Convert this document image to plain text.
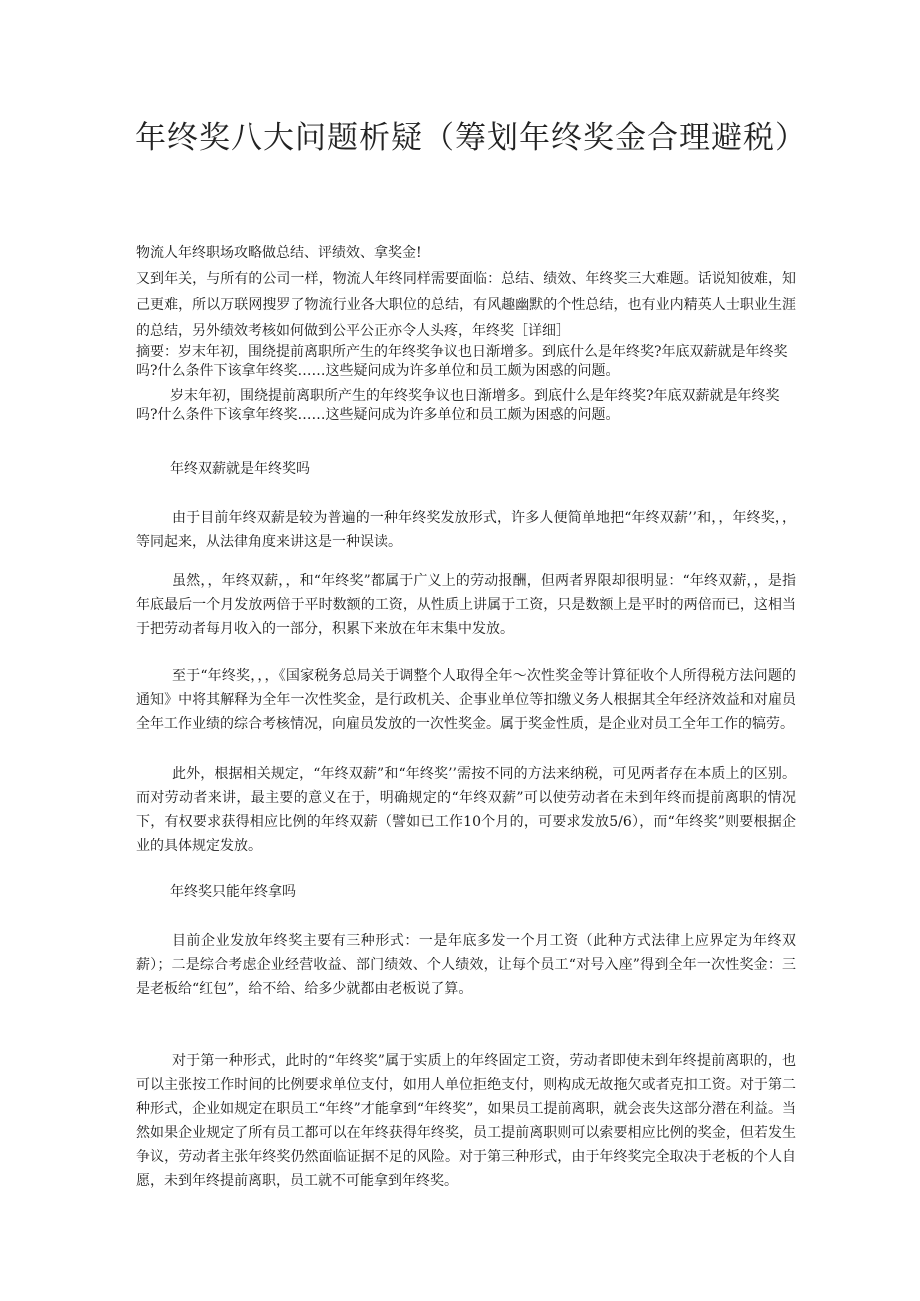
年终奖八大问题析疑（筹划年终奖金合理避税）

物流人年终职场攻略做总结、评绩效、拿奖金!

又到年关，与所有的公司一样，物流人年终同样需要面临：总结、绩效、年终奖三大难题。话说知彼难，知己更难，所以万联网搜罗了物流行业各大职位的总结，有风趣幽默的个性总结，也有业内精英人士职业生涯的总结，另外绩效考核如何做到公平公正亦令人头疼，年终奖［详细］

摘要：岁末年初，围绕提前离职所产生的年终奖争议也日渐增多。到底什么是年终奖?年底双薪就是年终奖吗?什么条件下该拿年终奖……这些疑问成为许多单位和员工颇为困惑的问题。

岁末年初，围绕提前离职所产生的年终奖争议也日渐增多。到底什么是年终奖?年底双薪就是年终奖吗?什么条件下该拿年终奖……这些疑问成为许多单位和员工颇为困惑的问题。

年终双薪就是年终奖吗

由于目前年终双薪是较为普遍的一种年终奖发放形式，许多人便简单地把“年终双薪’’和，，年终奖，，等同起来，从法律角度来讲这是一种误读。

虽然，，年终双薪，，和“年终奖”都属于广义上的劳动报酬，但两者界限却很明显：“年终双薪，，是指年底最后一个月发放两倍于平时数额的工资，从性质上讲属于工资，只是数额上是平时的两倍而已，这相当于把劳动者每月收入的一部分，积累下来放在年末集中发放。

至于“年终奖，，，《国家税务总局关于调整个人取得全年～次性奖金等计算征收个人所得税方法问题的通知》中将其解释为全年一次性奖金，是行政机关、企事业单位等扣缴义务人根据其全年经济效益和对雇员全年工作业绩的综合考核情况，向雇员发放的一次性奖金。属于奖金性质，是企业对员工全年工作的犒劳。

此外，根据相关规定，“年终双薪”和“年终奖’’需按不同的方法来纳税，可见两者存在本质上的区别。而对劳动者来讲，最主要的意义在于，明确规定的“年终双薪”可以使劳动者在未到年终而提前离职的情况下，有权要求获得相应比例的年终双薪（譬如已工作10个月的，可要求发放5/6），而“年终奖”则要根据企业的具体规定发放。

年终奖只能年终拿吗

目前企业发放年终奖主要有三种形式：一是年底多发一个月工资（此种方式法律上应界定为年终双薪）；二是综合考虑企业经营收益、部门绩效、个人绩效，让每个员工“对号入座”得到全年一次性奖金：三是老板给“红包”，给不给、给多少就都由老板说了算。

对于第一种形式，此时的“年终奖”属于实质上的年终固定工资，劳动者即使未到年终提前离职的，也可以主张按工作时间的比例要求单位支付，如用人单位拒绝支付，则构成无故拖欠或者克扣工资。对于第二种形式，企业如规定在职员工“年终”才能拿到“年终奖”，如果员工提前离职，就会丧失这部分潜在利益。当然如果企业规定了所有员工都可以在年终获得年终奖，员工提前离职则可以索要相应比例的奖金，但若发生争议，劳动者主张年终奖仍然面临证据不足的风险。对于第三种形式，由于年终奖完全取决于老板的个人自愿，未到年终提前离职，员工就不可能拿到年终奖。
